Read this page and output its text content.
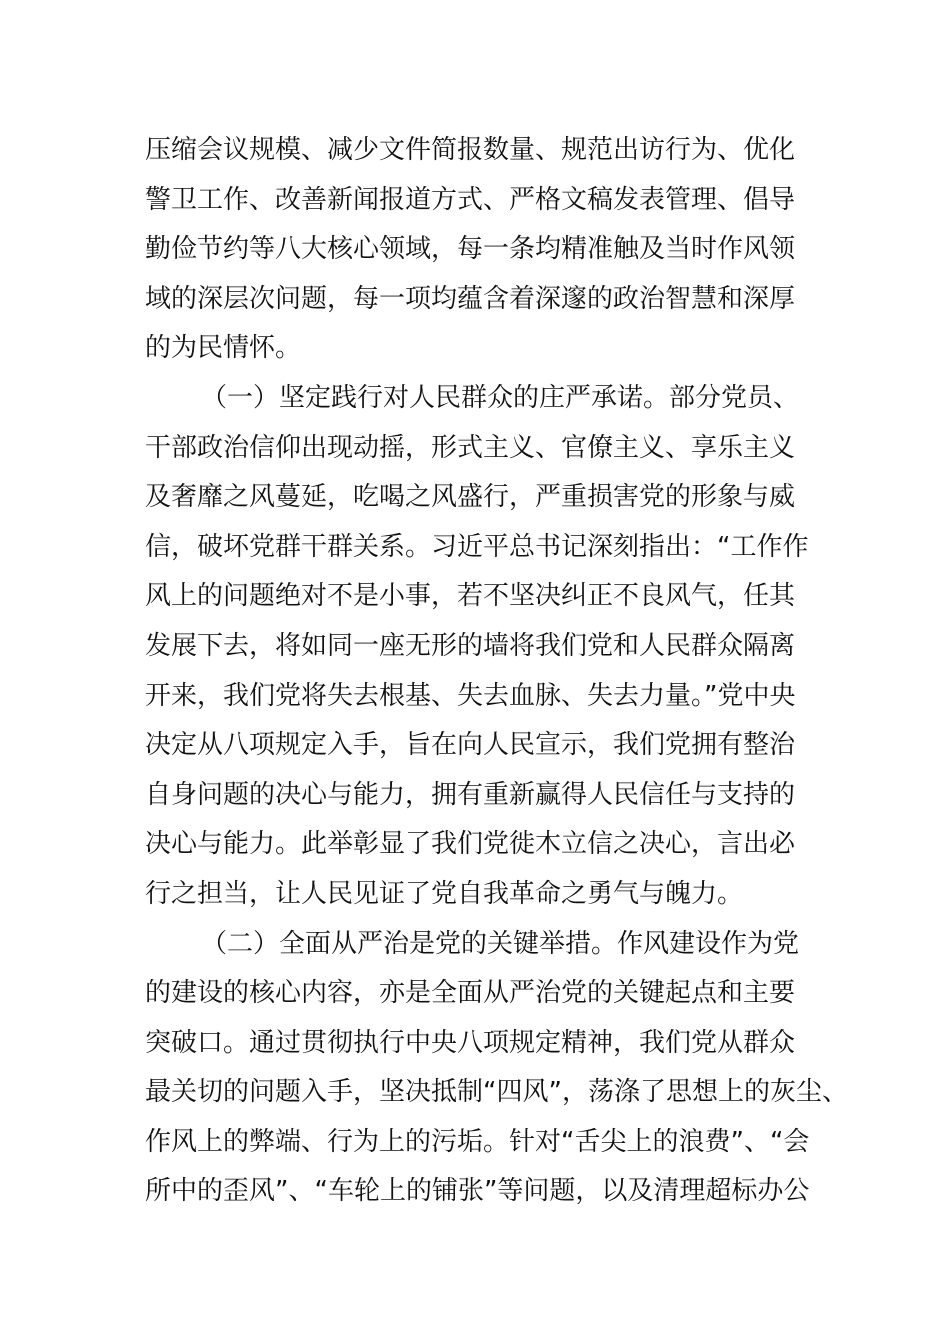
压缩会议规模、减少文件简报数量、规范出访行为、优化
警卫工作、改善新闻报道方式、严格文稿发表管理、倡导
勤俭节约等八大核心领域，每一条均精准触及当时作风领
域的深层次问题，每一项均蕴含着深邃的政治智慧和深厚
的为民情怀。
（一）坚定践行对人民群众的庄严承诺。部分党员、
干部政治信仰出现动摇，形式主义、官僚主义、享乐主义
及奢靡之风蔓延，吃喝之风盛行，严重损害党的形象与威
信，破坏党群干群关系。习近平总书记深刻指出：“工作作
风上的问题绝对不是小事，若不坚决纠正不良风气，任其
发展下去，将如同一座无形的墙将我们党和人民群众隔离
开来，我们党将失去根基、失去血脉、失去力量。”党中央
决定从八项规定入手，旨在向人民宣示，我们党拥有整治
自身问题的决心与能力，拥有重新赢得人民信任与支持的
决心与能力。此举彰显了我们党徙木立信之决心，言出必
行之担当，让人民见证了党自我革命之勇气与魄力。
（二）全面从严治是党的关键举措。作风建设作为党
的建设的核心内容，亦是全面从严治党的关键起点和主要
突破口。通过贯彻执行中央八项规定精神，我们党从群众
最关切的问题入手，坚决抵制“四风”，荡涤了思想上的灰尘、
作风上的弊端、行为上的污垢。针对“舌尖上的浪费”、“会
所中的歪风”、“车轮上的铺张”等问题，以及清理超标办公
